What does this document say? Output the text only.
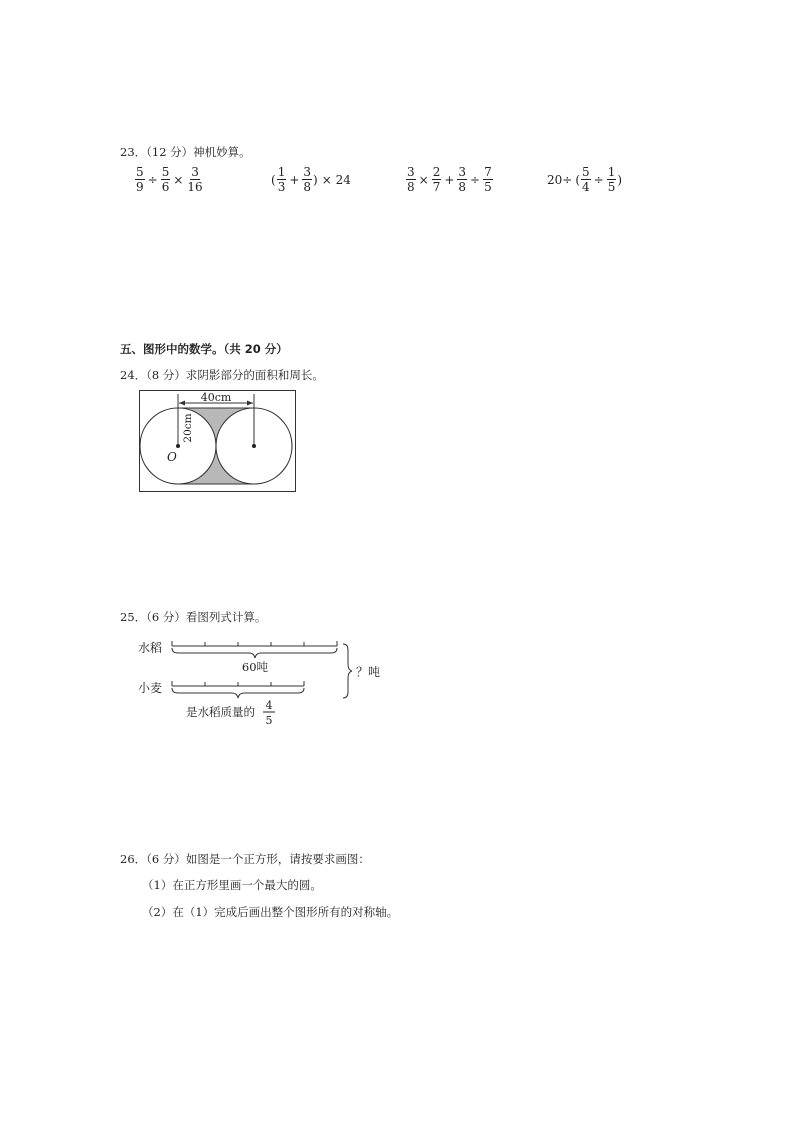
23．（12 分）神机妙算。
$\frac{5}{9} \div \frac{5}{6} \times \frac{3}{16}$	( $\frac{1}{3} + \frac{3}{8}$ ) × 24	$\frac{3}{8} \times \frac{2}{7} + \frac{3}{8} \div \frac{7}{5}$	20÷ ( $\frac{5}{4} \div \frac{1}{5}$ )
五、图形中的数学。（共 20 分）
24．（8 分）求阴影部分的面积和周长。
40cm
20cm
O
25．（6 分）看图列式计算。
水稻
60吨
小麦
是水稻质量的 4
5
？吨
26．（6 分）如图是一个正方形，请按要求画图：
（1）在正方形里画一个最大的圆。
（2）在（1）完成后画出整个图形所有的对称轴。
